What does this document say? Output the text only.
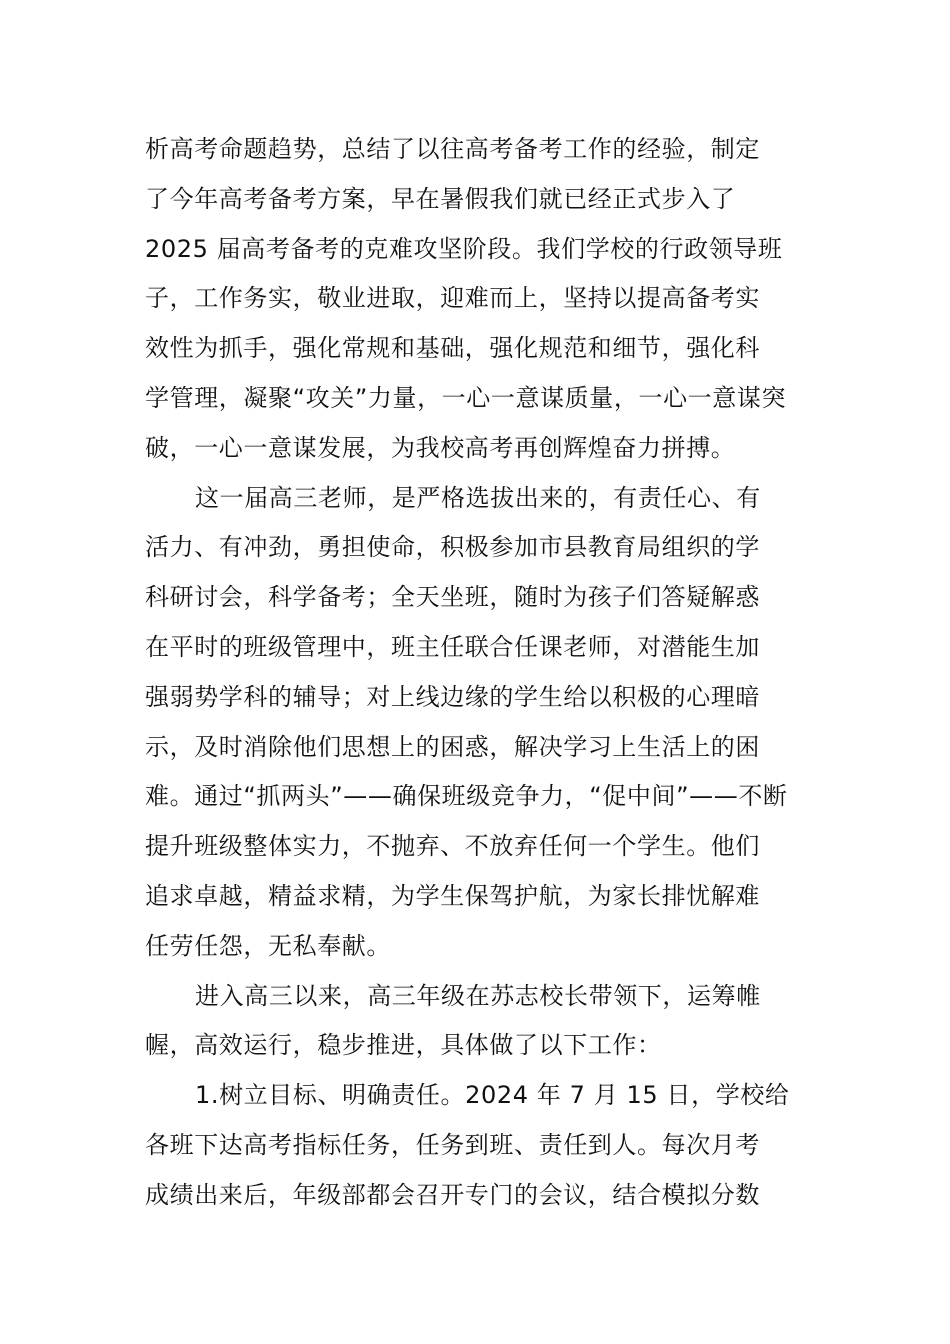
析高考命题趋势，总结了以往高考备考工作的经验，制定
了今年高考备考方案，早在暑假我们就已经正式步入了
2025 届高考备考的克难攻坚阶段。我们学校的行政领导班
子，工作务实，敬业进取，迎难而上，坚持以提高备考实
效性为抓手，强化常规和基础，强化规范和细节，强化科
学管理，凝聚“攻关”力量，一心一意谋质量，一心一意谋突
破，一心一意谋发展，为我校高考再创辉煌奋力拼搏。
这一届高三老师，是严格选拔出来的，有责任心、有
活力、有冲劲，勇担使命，积极参加市县教育局组织的学
科研讨会，科学备考；全天坐班，随时为孩子们答疑解惑
在平时的班级管理中，班主任联合任课老师，对潜能生加
强弱势学科的辅导；对上线边缘的学生给以积极的心理暗
示，及时消除他们思想上的困惑，解决学习上生活上的困
难。通过“抓两头”——确保班级竞争力，“促中间”——不断
提升班级整体实力，不抛弃、不放弃任何一个学生。他们
追求卓越，精益求精，为学生保驾护航，为家长排忧解难
任劳任怨，无私奉献。
进入高三以来，高三年级在苏志校长带领下，运筹帷
幄，高效运行，稳步推进，具体做了以下工作：
1.树立目标、明确责任。2024 年 7 月 15 日，学校给
各班下达高考指标任务，任务到班、责任到人。每次月考
成绩出来后，年级部都会召开专门的会议，结合模拟分数
